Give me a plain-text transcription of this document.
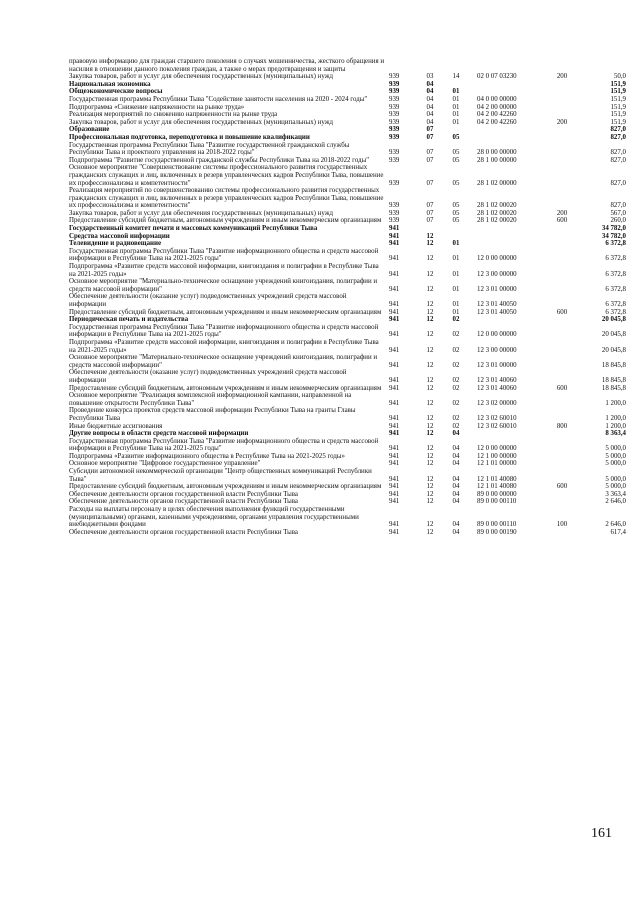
правовую информацию для граждан старшего поколения о случаях мошенничества, жесткого обращения и насилия в отношении данного поколения граждан, а также о мерах предотвращения и защиты
Закупка товаров, работ и услуг для обеспечения государственных (муниципальных) нужд	939	03	14	02 0 07 03230	200	50,0
Национальная экономика	939	04	151,9
Общеэкономические вопросы	939	04	01	151,9
Государственная программа Республики Тыва "Содействие занятости населения на 2020 - 2024 годы"	939	04	01	04 0 00 00000	151,9
Подпрограмма «Снижение напряженности на рынке труда»	939	04	01	04 2 00 00000	151,9
Реализация мероприятий по снижению напряженности на рынке труда	939	04	01	04 2 00 42260	151,9
Закупка товаров, работ и услуг для обеспечения государственных (муниципальных) нужд	939	04	01	04 2 00 42260	200	151,9
Образование	939	07	827,0
Профессиональная подготовка, переподготовка и повышение квалификации	939	07	05	827,0
Государственная программа Республики Тыва "Развитие государственной гражданской службы Республики Тыва и проектного управления на 2018-2022 годы"	939	07	05	28 0 00 00000	827,0
Подпрограмма "Развитие государственной гражданской службы Республики Тыва на 2018-2022 годы"	939	07	05	28 1 00 00000	827,0
Основное мероприятие "Совершенствование системы профессионального развития государственных гражданских служащих и лиц, включенных в резерв управленческих кадров Республики Тыва, повышение их профессионализма и компетентности"	939	07	05	28 1 02 00000	827,0
Реализация мероприятий по совершенствованию системы профессионального развития государственных гражданских служащих и лиц, включенных в резерв управленческих кадров Республики Тыва, повышение их профессионализма и компетентности"	939	07	05	28 1 02 00020	827,0
Закупка товаров, работ и услуг для обеспечения государственных (муниципальных) нужд	939	07	05	28 1 02 00020	200	567,0
Предоставление субсидий бюджетным, автономным учреждениям и иным некоммерческим организациям	939	07	05	28 1 02 00020	600	260,0
Государственный комитет печати и массовых коммуникаций Республики Тыва	941	34 782,0
Средства массовой информации	941	12	34 782,0
Телевидение и радиовещание	941	12	01	6 372,8
Государственная программа Республики Тыва "Развитие информационного общества и средств массовой информации в Республике Тыва на 2021-2025 годы"	941	12	01	12 0 00 00000	6 372,8
Подпрограмма «Развитие средств массовой информации, книгоиздания и полиграфии в Республике Тыва на 2021-2025 годы»	941	12	01	12 3 00 00000	6 372,8
Основное мероприятие "Материально-техническое оснащение учреждений книгоиздания, полиграфии и средств массовой информации"	941	12	01	12 3 01 00000	6 372,8
Обеспечение деятельности (оказание услуг) подведомственных учреждений средств массовой информации	941	12	01	12 3 01 40050	6 372,8
Предоставление субсидий бюджетным, автономным учреждениям и иным некоммерческим организациям	941	12	01	12 3 01 40050	600	6 372,8
Периодическая печать и издательства	941	12	02	20 045,8
Государственная программа Республики Тыва "Развитие информационного общества и средств массовой информации в Республике Тыва на 2021-2025 годы"	941	12	02	12 0 00 00000	20 045,8
Подпрограмма «Развитие средств массовой информации, книгоиздания и полиграфии в Республике Тыва на 2021-2025 годы»	941	12	02	12 3 00 00000	20 045,8
Основное мероприятие "Материально-техническое оснащение учреждений книгоиздания, полиграфии и средств массовой информации"	941	12	02	12 3 01 00000	18 845,8
Обеспечение деятельности (оказание услуг) подведомственных учреждений средств массовой информации	941	12	02	12 3 01 40060	18 845,8
Предоставление субсидий бюджетным, автономным учреждениям и иным некоммерческим организациям	941	12	02	12 3 01 40060	600	18 845,8
Основное мероприятие "Реализация комплексной информационной кампании, направленной на повышение открытости Республики Тыва"	941	12	02	12 3 02 00000	1 200,0
Проведение конкурса проектов средств массовой информации Республики Тыва на гранты Главы Республики Тыва	941	12	02	12 3 02 60010	1 200,0
Иные бюджетные ассигнования	941	12	02	12 3 02 60010	800	1 200,0
Другие вопросы в области средств массовой информации	941	12	04	8 363,4
Государственная программа Республики Тыва "Развитие информационного общества и средств массовой информации в Республике Тыва на 2021-2025 годы"	941	12	04	12 0 00 00000	5 000,0
Подпрограмма «Развитие информационного общества в Республике Тыва на 2021-2025 годы»	941	12	04	12 1 00 00000	5 000,0
Основное мероприятие "Цифровое государственное управление"	941	12	04	12 1 01 00000	5 000,0
Субсидии автономной некоммерческой организации "Центр общественных коммуникаций Республики Тыва"	941	12	04	12 1 01 40080	5 000,0
Предоставление субсидий бюджетным, автономным учреждениям и иным некоммерческим организациям	941	12	04	12 1 01 40080	600	5 000,0
Обеспечение деятельности органов государственной власти Республики Тыва	941	12	04	89 0 00 00000	3 363,4
Обеспечение деятельности органов государственной власти Республики Тыва	941	12	04	89 0 00 00110	2 646,0
Расходы на выплаты персоналу в целях обеспечения выполнения функций государственными (муниципальными) органами, казенными учреждениями, органами управления государственными внебюджетными фондами	941	12	04	89 0 00 00110	100	2 646,0
Обеспечение деятельности органов государственной власти Республики Тыва	941	12	04	89 0 00 00190	617,4
161
